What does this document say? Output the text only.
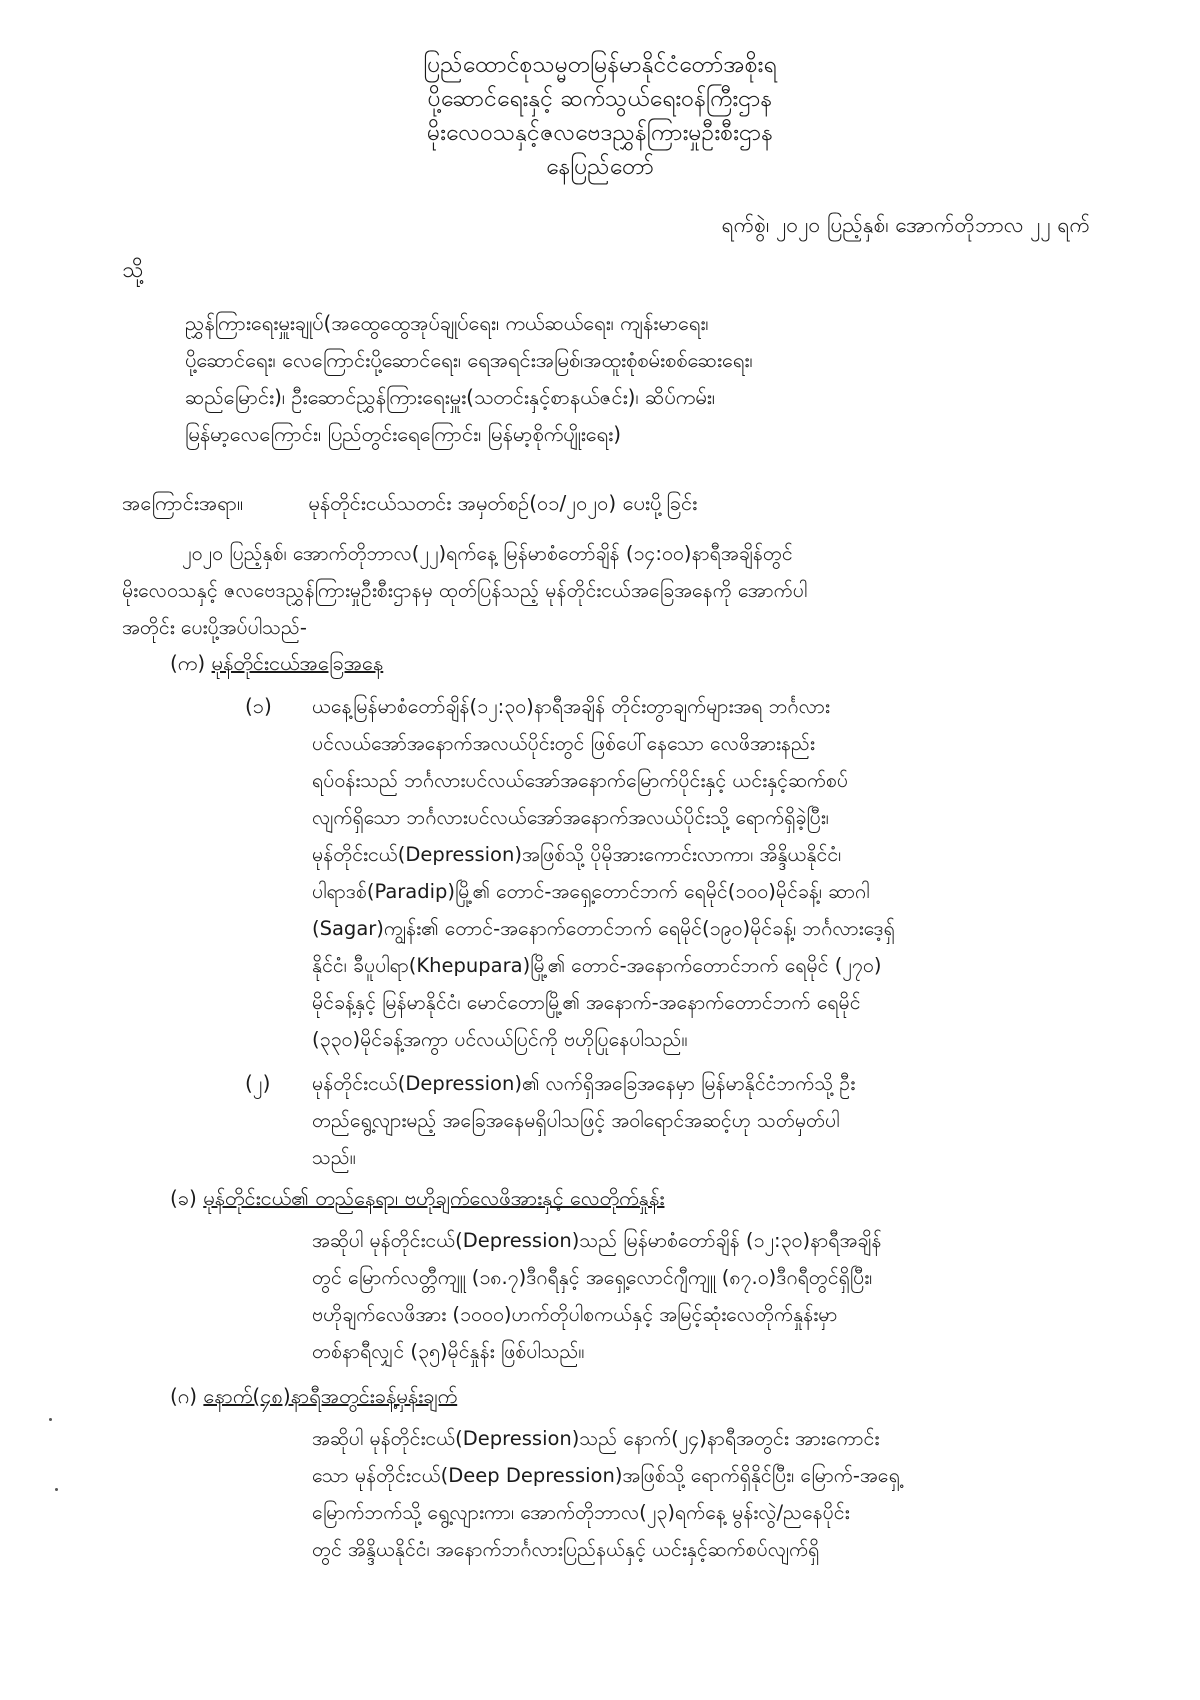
ပြည်ထောင်စုသမ္မတမြန်မာနိုင်ငံတော်အစိုးရ
ပို့ဆောင်ရေးနှင့် ဆက်သွယ်ရေးဝန်ကြီးဌာန
မိုးလေဝသနှင့်ဇလဗေဒညွှန်ကြားမှုဦးစီးဌာန
နေပြည်တော်
ရက်စွဲ၊ ၂၀၂၀ ပြည့်နှစ်၊ အောက်တိုဘာလ ၂၂ ရက်
သို့
ညွှန်ကြားရေးမှူးချုပ်(အထွေထွေအုပ်ချုပ်ရေး၊ ကယ်ဆယ်ရေး၊ ကျန်းမာရေး၊
ပို့ဆောင်ရေး၊ လေကြောင်းပို့ဆောင်ရေး၊ ရေအရင်းအမြစ်၊အထူးစုံစမ်းစစ်ဆေးရေး၊
ဆည်မြောင်း)၊ ဦးဆောင်ညွှန်ကြားရေးမှူး(သတင်းနှင့်စာနယ်ဇင်း)၊ ဆိပ်ကမ်း၊
မြန်မာ့လေကြောင်း၊ ပြည်တွင်းရေကြောင်း၊ မြန်မာ့စိုက်ပျိုးရေး)
အကြောင်းအရာ။	မုန်တိုင်းငယ်သတင်း အမှတ်စဉ်(၀၁/၂၀၂၀) ပေးပို့ခြင်း
၂၀၂၀ ပြည့်နှစ်၊ အောက်တိုဘာလ(၂၂)ရက်နေ့ မြန်မာစံတော်ချိန် (၁၄:၀၀)နာရီအချိန်တွင်
မိုးလေဝသနှင့် ဇလဗေဒညွှန်ကြားမှုဦးစီးဌာနမှ ထုတ်ပြန်သည့် မုန်တိုင်းငယ်အခြေအနေကို အောက်ပါ
အတိုင်း ပေးပို့အပ်ပါသည်-
(က) မုန်တိုင်းငယ်အခြေအနေ
(၁) ယနေ့မြန်မာစံတော်ချိန်(၁၂:၃၀)နာရီအချိန် တိုင်းတွာချက်များအရ ဘင်္ဂလား
ပင်လယ်အော်အနောက်အလယ်ပိုင်းတွင် ဖြစ်ပေါ်နေသော လေဖိအားနည်း
ရပ်ဝန်းသည် ဘင်္ဂလားပင်လယ်အော်အနောက်မြောက်ပိုင်းနှင့် ယင်းနှင့်ဆက်စပ်
လျက်ရှိသော ဘင်္ဂလားပင်လယ်အော်အနောက်အလယ်ပိုင်းသို့ ရောက်ရှိခဲ့ပြီး၊
မုန်တိုင်းငယ်(Depression)အဖြစ်သို့ ပိုမိုအားကောင်းလာကာ၊ အိန္ဒိယနိုင်ငံ၊
ပါရာဒစ်(Paradip)မြို့၏ တောင်-အရှေ့တောင်ဘက် ရေမိုင်(၁၀၀)မိုင်ခန့်၊ ဆာဂါ
(Sagar)ကျွန်း၏ တောင်-အနောက်တောင်ဘက် ရေမိုင်(၁၉၀)မိုင်ခန့်၊ ဘင်္ဂလားဒေ့ရှ်
နိုင်ငံ၊ ခီပူပါရာ(Khepupara)မြို့၏ တောင်-အနောက်တောင်ဘက် ရေမိုင် (၂၇၀)
မိုင်ခန့်နှင့် မြန်မာနိုင်ငံ၊ မောင်တောမြို့၏ အနောက်-အနောက်တောင်ဘက် ရေမိုင်
(၃၃၀)မိုင်ခန့်အကွာ ပင်လယ်ပြင်ကို ဗဟိုပြုနေပါသည်။
(၂) မုန်တိုင်းငယ်(Depression)၏ လက်ရှိအခြေအနေမှာ မြန်မာနိုင်ငံဘက်သို့ ဦး
တည်ရွေ့လျားမည့် အခြေအနေမရှိပါသဖြင့် အဝါရောင်အဆင့်ဟု သတ်မှတ်ပါ
သည်။
(ခ) မုန်တိုင်းငယ်၏ တည်နေရာ၊ ဗဟိုချက်လေဖိအားနှင့် လေတိုက်နှုန်း
အဆိုပါ မုန်တိုင်းငယ်(Depression)သည် မြန်မာစံတော်ချိန် (၁၂:၃၀)နာရီအချိန်
တွင် မြောက်လတ္တီကျူ (၁၈.၇)ဒီဂရီနှင့် အရှေ့လောင်ဂျီကျူ (၈၇.၀)ဒီဂရီတွင်ရှိပြီး၊
ဗဟိုချက်လေဖိအား (၁၀၀၀)ဟက်တိုပါစကယ်နှင့် အမြင့်ဆုံးလေတိုက်နှုန်းမှာ
တစ်နာရီလျှင် (၃၅)မိုင်နှုန်း ဖြစ်ပါသည်။
(ဂ) နောက်(၄၈)နာရီအတွင်းခန့်မှန်းချက်
အဆိုပါ မုန်တိုင်းငယ်(Depression)သည် နောက်(၂၄)နာရီအတွင်း အားကောင်း
သော မုန်တိုင်းငယ်(Deep Depression)အဖြစ်သို့ ရောက်ရှိနိုင်ပြီး၊ မြောက်-အရှေ့
မြောက်ဘက်သို့ ရွေ့လျားကာ၊ အောက်တိုဘာလ(၂၃)ရက်နေ့ မွန်းလွဲ/ညနေပိုင်း
တွင် အိန္ဒိယနိုင်ငံ၊ အနောက်ဘင်္ဂလားပြည်နယ်နှင့် ယင်းနှင့်ဆက်စပ်လျက်ရှိ
